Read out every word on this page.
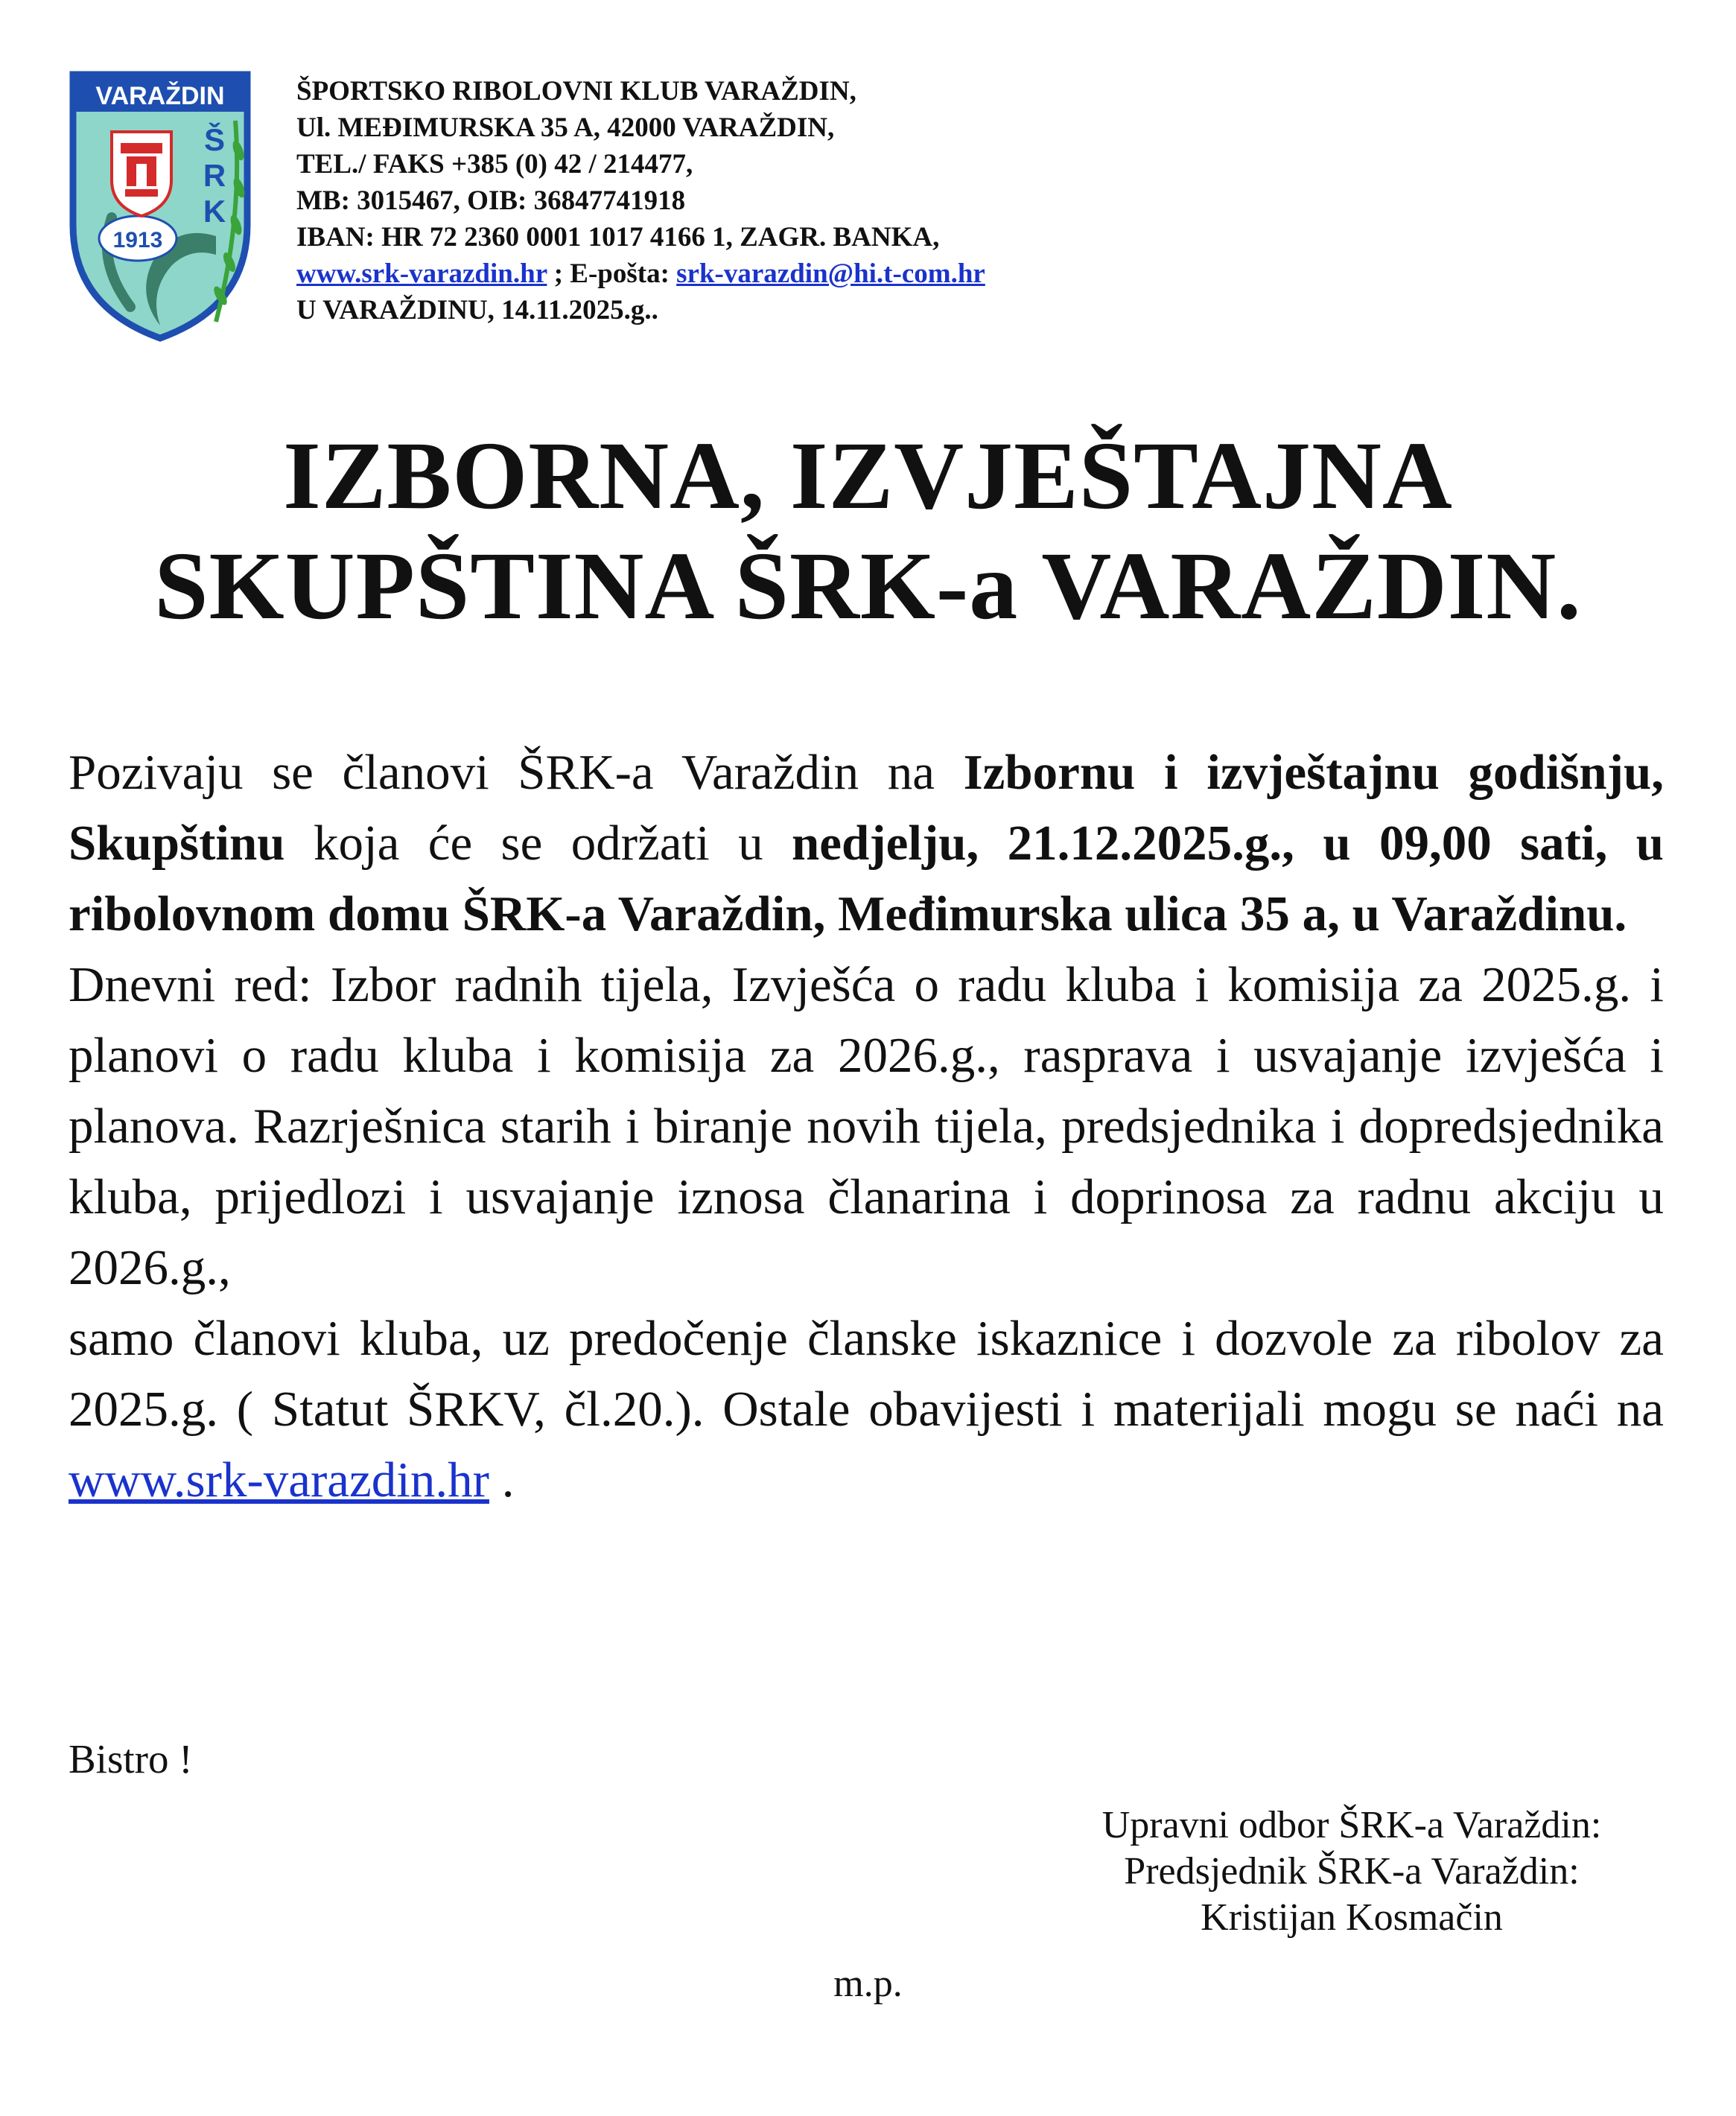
VARAŽDIN
1913
Š
R
K
ŠPORTSKO RIBOLOVNI KLUB VARAŽDIN,
Ul. MEĐIMURSKA 35 A, 42000 VARAŽDIN,
TEL./ FAKS +385 (0) 42 / 214477,
MB: 3015467, OIB: 36847741918
IBAN: HR 72 2360 0001 1017 4166 1, ZAGR. BANKA,
www.srk-varazdin.hr ; E-pošta: srk-varazdin@hi.t-com.hr
U VARAŽDINU, 14.11.2025.g..
IZBORNA, IZVJEŠTAJNA
SKUPŠTINA ŠRK-a VARAŽDIN.

Pozivaju se članovi ŠRK-a Varaždin na Izbornu i izvještajnu godišnju, Skupštinu koja će se održati u nedjelju, 21.12.2025.g., u 09,00 sati, u ribolovnom domu ŠRK-a Varaždin, Međimurska ulica 35 a, u Varaždinu.

Dnevni red: Izbor radnih tijela, Izvješća o radu kluba i komisija za 2025.g. i planovi o radu kluba i komisija za 2026.g., rasprava i usvajanje izvješća i planova. Razrješnica starih i biranje novih tijela, predsjednika i dopredsjednika kluba, prijedlozi i usvajanje iznosa članarina i doprinosa za radnu akciju u 2026.g.,

samo članovi kluba, uz predočenje članske iskaznice i dozvole za ribolov za 2025.g. ( Statut ŠRKV, čl.20.). Ostale obavijesti i materijali mogu se naći na www.srk-varazdin.hr .

Bistro !
Upravni odbor ŠRK-a Varaždin:
Predsjednik ŠRK-a Varaždin:
Kristijan Kosmačin
m.p.
